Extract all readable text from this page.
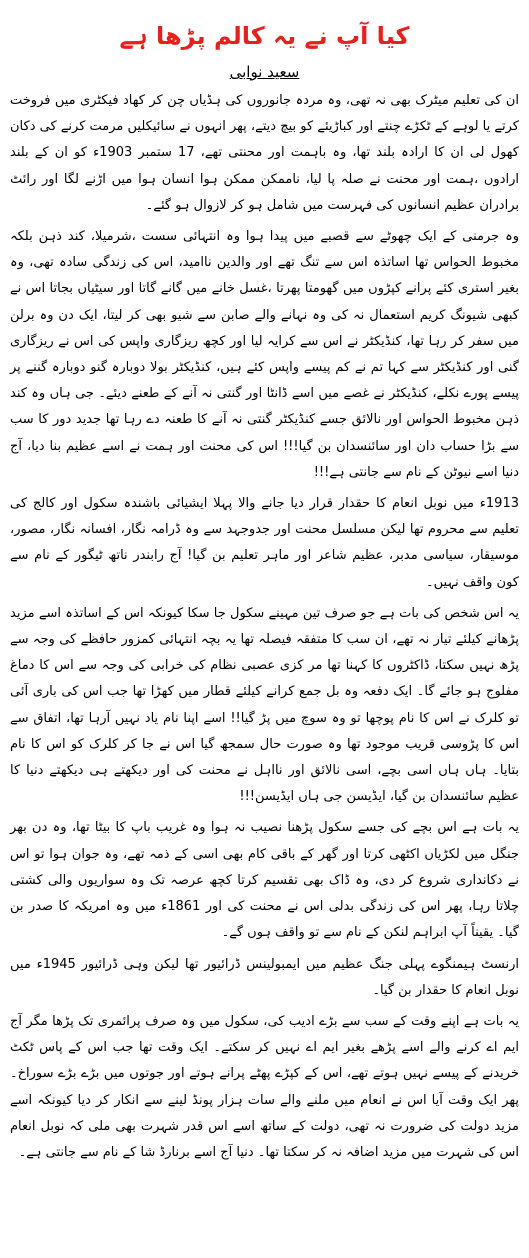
کیا آپ نے یہ کالم پڑھا ہے
سعید نوابی

ان کی تعلیم میٹرک بھی نہ تھی، وہ مردہ جانوروں کی ہڈیاں چن کر کھاد فیکٹری میں فروخت کرتے یا لوہے کے ٹکڑے چنتے اور کباڑیئے کو بیچ دیتے، پھر انہوں نے سائیکلیں مرمت کرنے کی دکان کھول لی ان کا ارادہ بلند تھا، وہ باہمت اور محنتی تھے، 17 ستمبر 1903ء کو ان کے بلند ارادوں ،ہمت اور محنت نے صلہ پا لیا، ناممکن ممکن ہوا انسان ہوا میں اڑنے لگا اور رائٹ برادران عظیم انسانوں کی فہرست میں شامل ہو کر لازوال ہو گئے۔

وہ جرمنی کے ایک چھوٹے سے قصبے میں پیدا ہوا وہ انتہائی سست ،شرمیلا، کند ذہن بلکہ مخبوط الحواس تھا اساتذہ اس سے تنگ تھے اور والدین ناامید، اس کی زندگی سادہ تھی، وہ بغیر استری کئے پرانے کپڑوں میں گھومتا پھرتا ،غسل خانے میں گانے گاتا اور سیٹیاں بجاتا اس نے کبھی شیونگ کریم استعمال نہ کی وہ نہانے والے صابن سے شیو بھی کر لیتا، ایک دن وہ برلن میں سفر کر رہا تھا، کنڈیکٹر نے اس سے کرایہ لیا اور کچھ ریزگاری واپس کی اس نے ریزگاری گنی اور کنڈیکٹر سے کہا تم نے کم پیسے واپس کئے ہیں، کنڈیکٹر بولا دوبارہ گنو دوبارہ گننے پر پیسے پورے نکلے، کنڈیکٹر نے غصے میں اسے ڈانٹا اور گنتی نہ آنے کے طعنے دیئے۔ جی ہاں وہ کند ذہن مخبوط الحواس اور نالائق جسے کنڈیکٹر گنتی نہ آنے کا طعنہ دے رہا تھا جدید دور کا سب سے بڑا حساب دان اور سائنسدان بن گیا!!! اس کی محنت اور ہمت نے اسے عظیم بنا دیا، آج دنیا اسے نیوٹن کے نام سے جانتی ہے!!!

1913ء میں نوبل انعام کا حقدار قرار دیا جانے والا پہلا ایشیائی باشندہ سکول اور کالج کی تعلیم سے محروم تھا لیکن مسلسل محنت اور جدوجہد سے وہ ڈرامہ نگار، افسانہ نگار، مصور، موسیقار، سیاسی مدبر، عظیم شاعر اور ماہر تعلیم بن گیا! آج رابندر ناتھ ٹیگور کے نام سے کون واقف نہیں۔

یہ اس شخص کی بات ہے جو صرف تین مہینے سکول جا سکا کیونکہ اس کے اساتذہ اسے مزید پڑھانے کیلئے تیار نہ تھے، ان سب کا متفقہ فیصلہ تھا یہ بچہ انتہائی کمزور حافظے کی وجہ سے پڑھ نہیں سکتا، ڈاکٹروں کا کہنا تھا مر کزی عصبی نظام کی خرابی کی وجہ سے اس کا دماغ مفلوج ہو جائے گا۔ ایک دفعہ وہ بل جمع کرانے کیلئے قطار میں کھڑا تھا جب اس کی باری آئی تو کلرک نے اس کا نام پوچھا تو وہ سوچ میں پڑ گیا!! اسے اپنا نام یاد نہیں آرہا تھا، اتفاق سے اس کا پڑوسی قریب موجود تھا وہ صورت حال سمجھ گیا اس نے جا کر کلرک کو اس کا نام بتایا۔ ہاں ہاں اسی بچے، اسی نالائق اور نااہل نے محنت کی اور دیکھتے ہی دیکھتے دنیا کا عظیم سائنسدان بن گیا، ایڈیسن جی ہاں ایڈیسن!!!

یہ بات ہے اس بچے کی جسے سکول پڑھنا نصیب نہ ہوا وہ غریب باپ کا بیٹا تھا، وہ دن بھر جنگل میں لکڑیاں اکٹھی کرتا اور گھر کے باقی کام بھی اسی کے ذمہ تھے، وہ جوان ہوا تو اس نے دکانداری شروع کر دی، وہ ڈاک بھی تقسیم کرتا کچھ عرصہ تک وہ سواریوں والی کشتی چلاتا رہا، پھر اس کی زندگی بدلی اس نے محنت کی اور 1861ء میں وہ امریکہ کا صدر بن گیا۔ یقیناً آپ ابراہم لنکن کے نام سے تو واقف ہوں گے۔

ارنسٹ ہیمنگوے پہلی جنگ عظیم میں ایمبولینس ڈرائیور تھا لیکن وہی ڈرائیور 1945ء میں نوبل انعام کا حقدار بن گیا۔

یہ بات ہے اپنے وقت کے سب سے بڑے ادیب کی، سکول میں وہ صرف پرائمری تک پڑھا مگر آج ایم اے کرنے والے اسے پڑھے بغیر ایم اے نہیں کر سکتے۔ ایک وقت تھا جب اس کے پاس ٹکٹ خریدنے کے پیسے نہیں ہوتے تھے، اس کے کپڑے پھٹے پرانے ہوتے اور جوتوں میں بڑے بڑے سوراخ۔ پھر ایک وقت آیا اس نے انعام میں ملنے والے سات ہزار پونڈ لینے سے انکار کر دیا کیونکہ اسے مزید دولت کی ضرورت نہ تھی، دولت کے ساتھ اسے اس قدر شہرت بھی ملی کہ نوبل انعام اس کی شہرت میں مزید اضافہ نہ کر سکتا تھا۔ دنیا آج اسے برنارڈ شا کے نام سے جانتی ہے۔
